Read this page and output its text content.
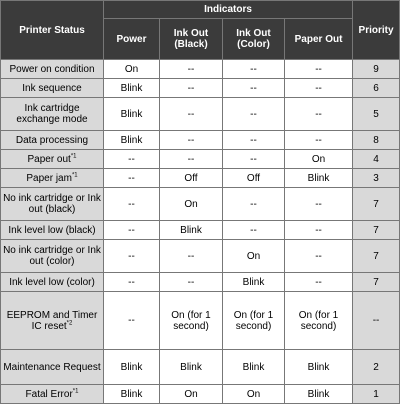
Printer Status	Indicators				Priority
	Power	Ink Out (Black)	Ink Out (Color)	Paper Out	
Power on condition	On	--	--	--	9
Ink sequence	Blink	--	--	--	6
Ink cartridge exchange mode	Blink	--	--	--	5
Data processing	Blink	--	--	--	8
Paper out$^{*1}$	--	--	--	On	4
Paper jam$^{*1}$	--	Off	Off	Blink	3
No ink cartridge or Ink out (black)	--	On	--	--	7
Ink level low (black)	--	Blink	--	--	7
No ink cartridge or Ink out (color)	--	--	On	--	7
Ink level low (color)	--	--	Blink	--	7
EEPROM and Timer IC reset$^{*2}$	--	On (for 1 second)	On (for 1 second)	On (for 1 second)	--
Maintenance Request	Blink	Blink	Blink	Blink	2
Fatal Error$^{*1}$	Blink	On	On	Blink	1
